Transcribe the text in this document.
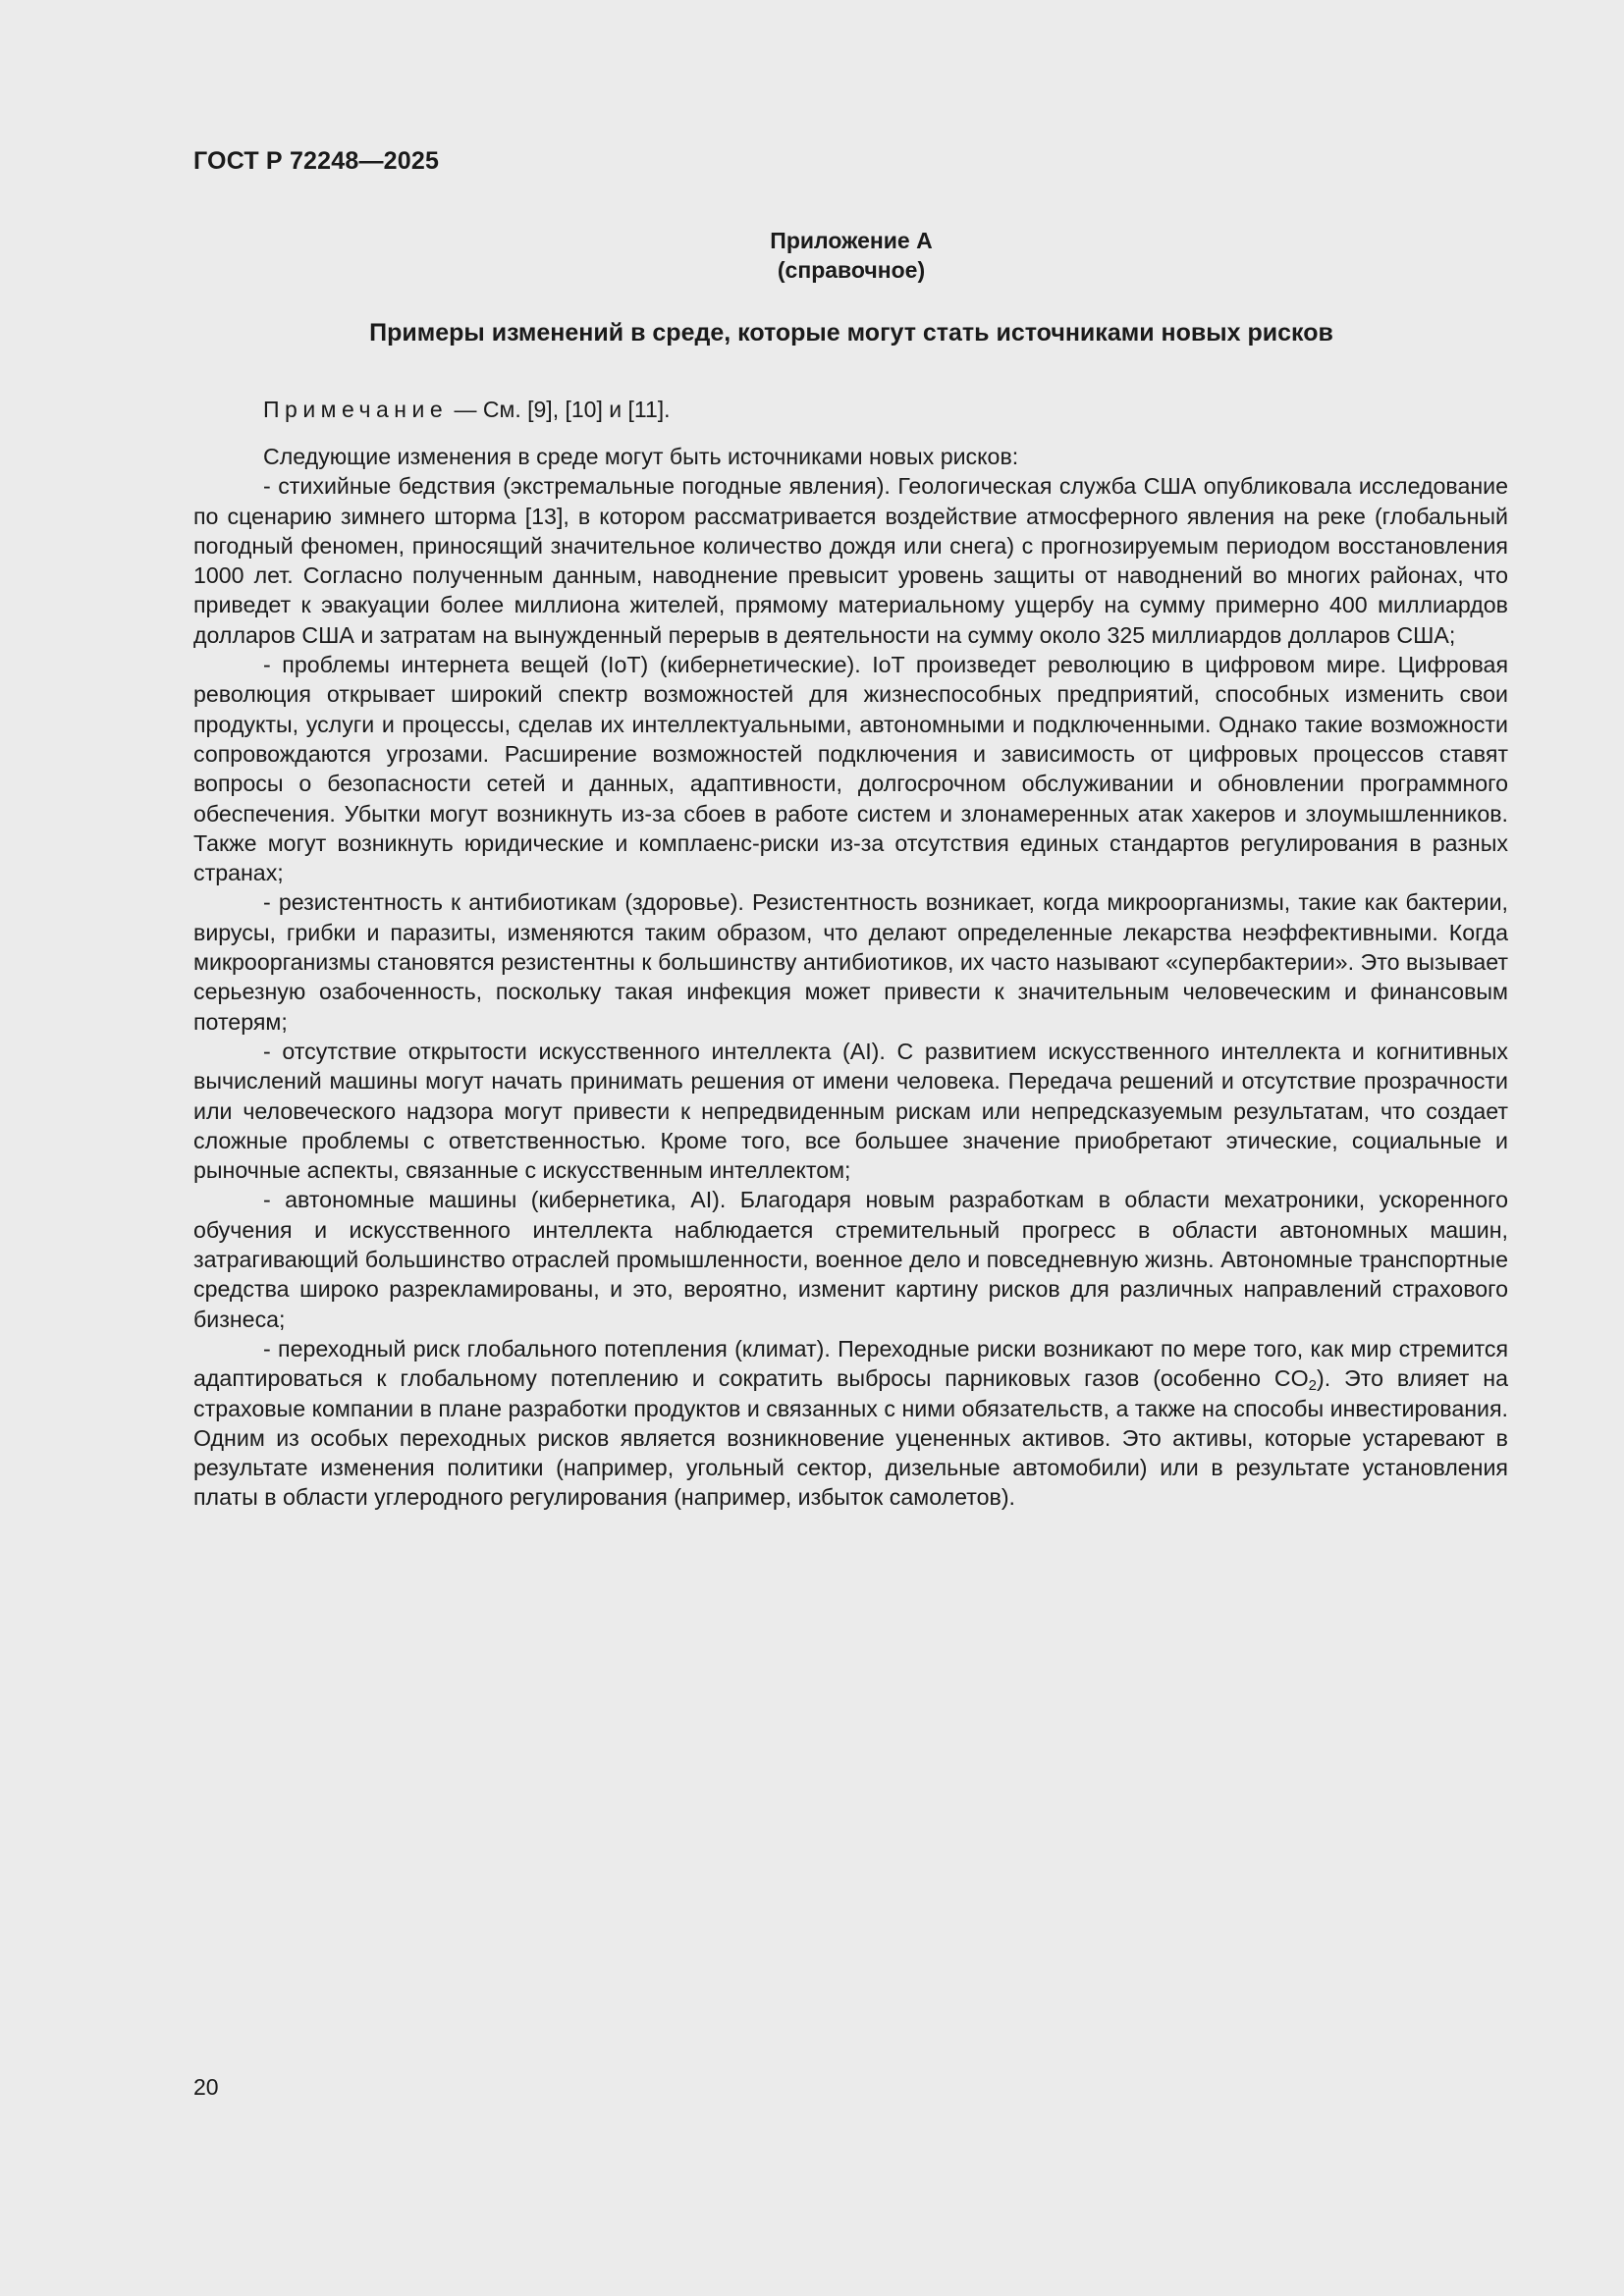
ГОСТ Р 72248—2025
Приложение А
(справочное)
Примеры изменений в среде, которые могут стать источниками новых рисков
Примечание — См. [9], [10] и [11].

Следующие изменения в среде могут быть источниками новых рисков:

- стихийные бедствия (экстремальные погодные явления). Геологическая служба США опубликовала исследование по сценарию зимнего шторма [13], в котором рассматривается воздействие атмосферного явления на реке (глобальный погодный феномен, приносящий значительное количество дождя или снега) с прогнозируемым периодом восстановления 1000 лет. Согласно полученным данным, наводнение превысит уровень защиты от наводнений во многих районах, что приведет к эвакуации более миллиона жителей, прямому материальному ущербу на сумму примерно 400 миллиардов долларов США и затратам на вынужденный перерыв в деятельности на сумму около 325 миллиардов долларов США;

- проблемы интернета вещей (IoT) (кибернетические). IoT произведет революцию в цифровом мире. Цифровая революция открывает широкий спектр возможностей для жизнеспособных предприятий, способных изменить свои продукты, услуги и процессы, сделав их интеллектуальными, автономными и подключенными. Однако такие возможности сопровождаются угрозами. Расширение возможностей подключения и зависимость от цифровых процессов ставят вопросы о безопасности сетей и данных, адаптивности, долгосрочном обслуживании и обновлении программного обеспечения. Убытки могут возникнуть из-за сбоев в работе систем и злонамеренных атак хакеров и злоумышленников. Также могут возникнуть юридические и комплаенс-риски из-за отсутствия единых стандартов регулирования в разных странах;

- резистентность к антибиотикам (здоровье). Резистентность возникает, когда микроорганизмы, такие как бактерии, вирусы, грибки и паразиты, изменяются таким образом, что делают определенные лекарства неэффективными. Когда микроорганизмы становятся резистентны к большинству антибиотиков, их часто называют «супербактерии». Это вызывает серьезную озабоченность, поскольку такая инфекция может привести к значительным человеческим и финансовым потерям;

- отсутствие открытости искусственного интеллекта (AI). С развитием искусственного интеллекта и когнитивных вычислений машины могут начать принимать решения от имени человека. Передача решений и отсутствие прозрачности или человеческого надзора могут привести к непредвиденным рискам или непредсказуемым результатам, что создает сложные проблемы с ответственностью. Кроме того, все большее значение приобретают этические, социальные и рыночные аспекты, связанные с искусственным интеллектом;

- автономные машины (кибернетика, AI). Благодаря новым разработкам в области мехатроники, ускоренного обучения и искусственного интеллекта наблюдается стремительный прогресс в области автономных машин, затрагивающий большинство отраслей промышленности, военное дело и повседневную жизнь. Автономные транспортные средства широко разрекламированы, и это, вероятно, изменит картину рисков для различных направлений страхового бизнеса;

- переходный риск глобального потепления (климат). Переходные риски возникают по мере того, как мир стремится адаптироваться к глобальному потеплению и сократить выбросы парниковых газов (особенно $CO_2$). Это влияет на страховые компании в плане разработки продуктов и связанных с ними обязательств, а также на способы инвестирования. Одним из особых переходных рисков является возникновение уцененных активов. Это активы, которые устаревают в результате изменения политики (например, угольный сектор, дизельные автомобили) или в результате установления платы в области углеродного регулирования (например, избыток самолетов).

20
